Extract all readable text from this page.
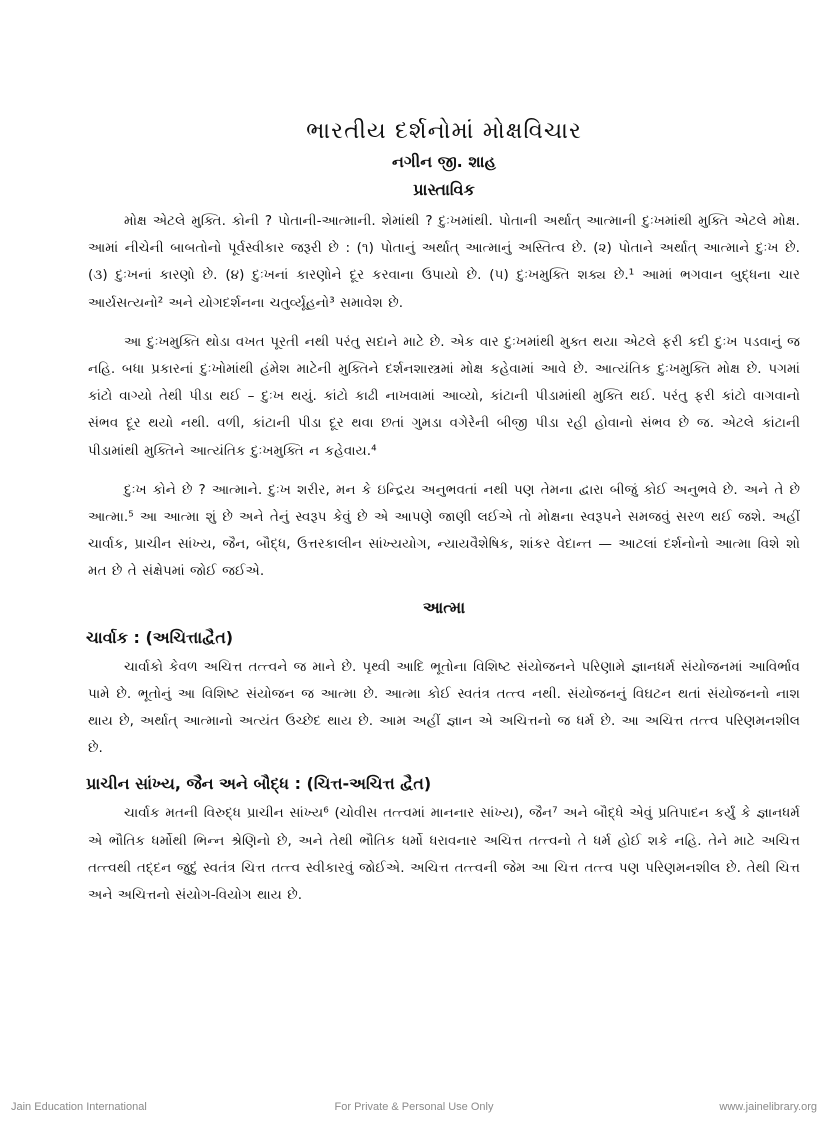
ભારતીય દર્શનોમાં મોક્ષવિચાર
નગીન જી. શાહ
પ્રાસ્તાવિક

મોક્ષ એટલે મુક્તિ. કોની ? પોતાની-આત્માની. શેમાંથી ? દુઃખમાંથી. પોતાની અર્થાત્ આત્માની દુઃખમાંથી મુક્તિ એટલે મોક્ષ. આમાં નીચેની બાબતોનો પૂર્વસ્વીકાર જરૂરી છે : (૧) પોતાનું અર્થાત્ આત્માનું અસ્તિત્વ છે. (૨) પોતાને અર્થાત્ આત્માને દુઃખ છે. (૩) દુઃખનાં કારણો છે. (૪) દુઃખનાં કારણોને દૂર કરવાના ઉપાયો છે. (૫) દુઃખમુક્તિ શક્ય છે.¹ આમાં ભગવાન બુદ્ધના ચાર આર્યસત્યનો² અને યોગદર્શનના ચતુર્વ્યૂહનો³ સમાવેશ છે.

આ દુઃખમુક્તિ થોડા વખત પૂરતી નથી પરંતુ સદાને માટે છે. એક વાર દુઃખમાંથી મુક્ત થયા એટલે ફરી કદી દુઃખ પડવાનું જ નહિ. બધા પ્રકારનાં દુઃખોમાંથી હંમેશ માટેની મુક્તિને દર્શનશાસ્ત્રમાં મોક્ષ કહેવામાં આવે છે. આત્યંતિક દુઃખમુક્તિ મોક્ષ છે. પગમાં કાંટો વાગ્યો તેથી પીડા થઈ – દુઃખ થયું. કાંટો કાઢી નાખવામાં આવ્યો, કાંટાની પીડામાંથી મુક્તિ થઈ. પરંતુ ફરી કાંટો વાગવાનો સંભવ દૂર થયો નથી. વળી, કાંટાની પીડા દૂર થવા છતાં ગુમડા વગેરેની બીજી પીડા રહી હોવાનો સંભવ છે જ. એટલે કાંટાની પીડામાંથી મુક્તિને આત્યંતિક દુઃખમુક્તિ ન કહેવાય.⁴

દુઃખ કોને છે ? આત્માને. દુઃખ શરીર, મન કે ઇન્દ્રિય અનુભવતાં નથી પણ તેમના દ્વારા બીજું કોઈ અનુભવે છે. અને તે છે આત્મા.⁵ આ આત્મા શું છે અને તેનું સ્વરૂપ કેવું છે એ આપણે જાણી લઈએ તો મોક્ષના સ્વરૂપને સમજવું સરળ થઈ જશે. અહીં ચાર્વાક, પ્રાચીન સાંખ્ય, જૈન, બૌદ્ધ, ઉત્તરકાલીન સાંખ્યયોગ, ન્યાયવૈશેષિક, શાંકર વેદાન્ત — આટલાં દર્શનોનો આત્મા વિશે શો મત છે તે સંક્ષેપમાં જોઈ જઈએ.

આત્મા
ચાર્વાક : (અચિત્તાદ્વૈત)

ચાર્વાકો કેવળ અચિત્ત તત્ત્વને જ માને છે. પૃથ્વી આદિ ભૂતોના વિશિષ્ટ સંયોજનને પરિણામે જ્ઞાનધર્મ સંયોજનમાં આવિર્ભાવ પામે છે. ભૂતોનું આ વિશિષ્ટ સંયોજન જ આત્મા છે. આત્મા કોઈ સ્વતંત્ર તત્ત્વ નથી. સંયોજનનું વિઘટન થતાં સંયોજનનો નાશ થાય છે, અર્થાત્ આત્માનો અત્યંત ઉચ્છેદ થાય છે. આમ અહીં જ્ઞાન એ અચિત્તનો જ ધર્મ છે. આ અચિત્ત તત્ત્વ પરિણમનશીલ છે.

પ્રાચીન સાંખ્ય, જૈન અને બૌદ્ધ : (ચિત્ત-અચિત્ત દ્વૈત)

ચાર્વાક મતની વિરુદ્ધ પ્રાચીન સાંખ્ય⁶ (ચોવીસ તત્ત્વમાં માનનાર સાંખ્ય), જૈન⁷ અને બૌદ્ધે એવું પ્રતિપાદન કર્યું કે જ્ઞાનધર્મ એ ભૌતિક ધર્મોથી ભિન્ન શ્રેણિનો છે, અને તેથી ભૌતિક ધર્મો ધરાવનાર અચિત્ત તત્ત્વનો તે ધર્મ હોઈ શકે નહિ. તેને માટે અચિત્ત તત્ત્વથી તદ્દન જુદું સ્વતંત્ર ચિત્ત તત્ત્વ સ્વીકારવું જોઈએ. અચિત્ત તત્ત્વની જેમ આ ચિત્ત તત્ત્વ પણ પરિણમનશીલ છે. તેથી ચિત્ત અને અચિત્તનો સંયોગ-વિયોગ થાય છે.

Jain Education International	For Private & Personal Use Only	www.jainelibrary.org
